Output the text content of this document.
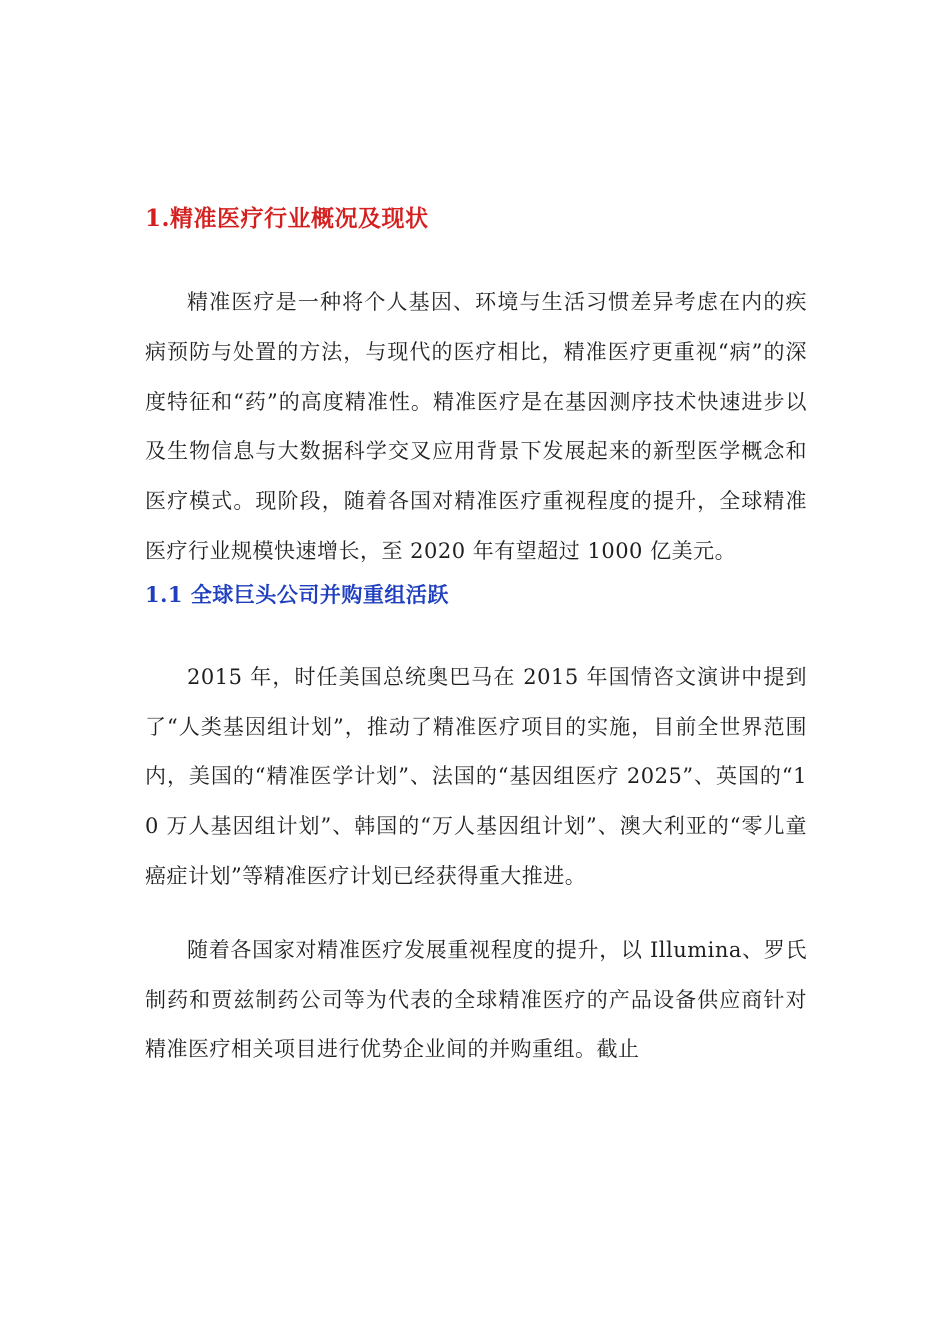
1.精准医疗行业概况及现状

精准医疗是一种将个人基因、环境与生活习惯差异考虑在内的疾病预防与处置的方法，与现代的医疗相比，精准医疗更重视“病”的深度特征和“药”的高度精准性。精准医疗是在基因测序技术快速进步以及生物信息与大数据科学交叉应用背景下发展起来的新型医学概念和医疗模式。现阶段，随着各国对精准医疗重视程度的提升，全球精准医疗行业规模快速增长，至 2020 年有望超过 1000 亿美元。

1.1 全球巨头公司并购重组活跃

2015 年，时任美国总统奥巴马在 2015 年国情咨文演讲中提到了“人类基因组计划”，推动了精准医疗项目的实施，目前全世界范围内，美国的“精准医学计划”、法国的“基因组医疗 2025”、英国的“10 万人基因组计划”、韩国的“万人基因组计划”、澳大利亚的“零儿童癌症计划”等精准医疗计划已经获得重大推进。

随着各国家对精准医疗发展重视程度的提升，以 Illumina、罗氏制药和贾兹制药公司等为代表的全球精准医疗的产品设备供应商针对精准医疗相关项目进行优势企业间的并购重组。截止
